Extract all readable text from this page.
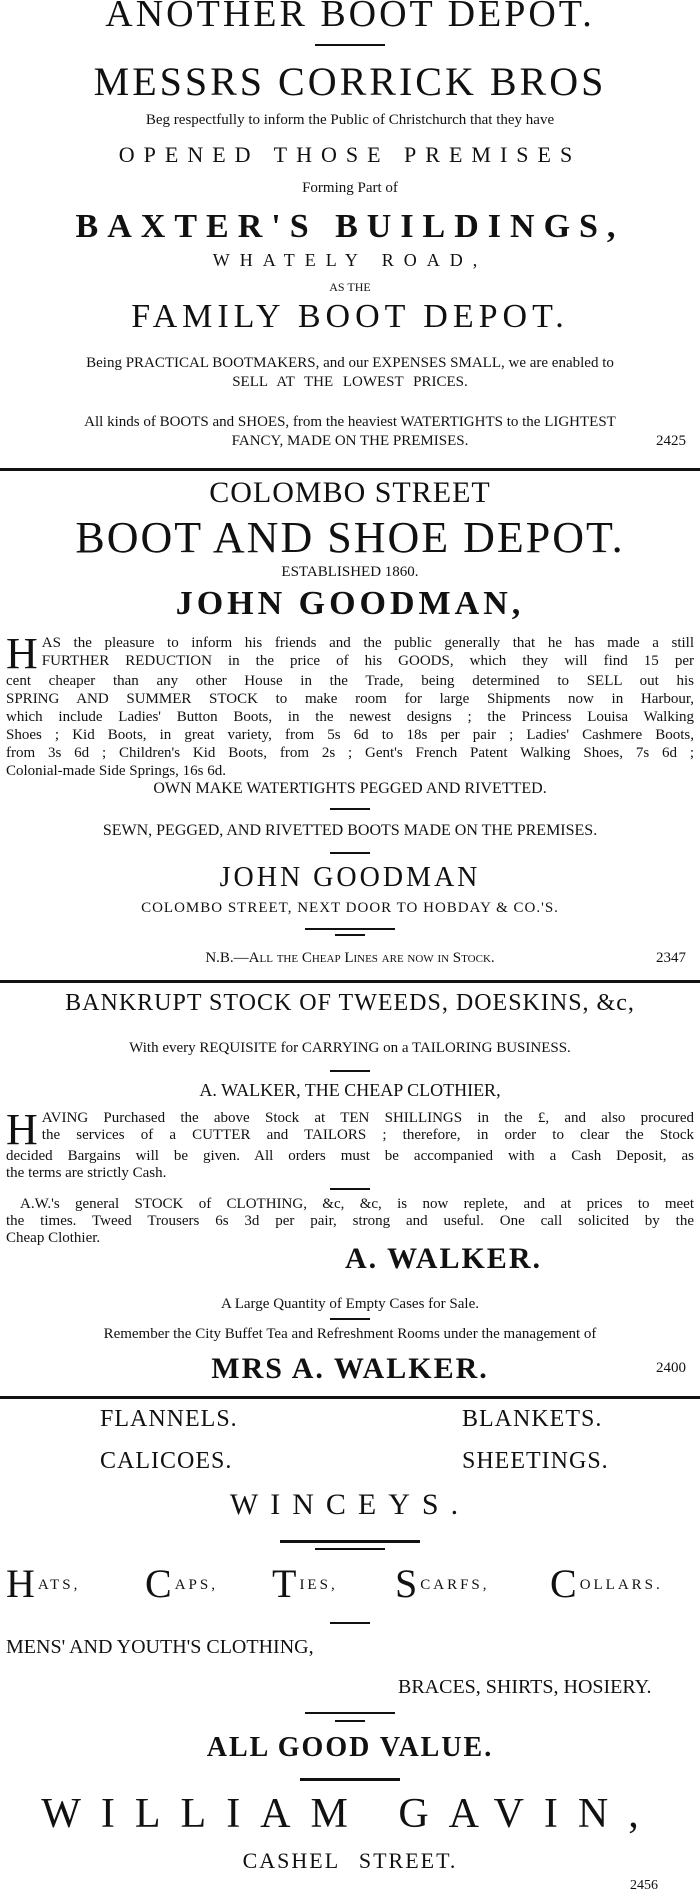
ANOTHER BOOT DEPOT.
MESSRS CORRICK BROS
Beg respectfully to inform the Public of Christchurch that they have
OPENED THOSE PREMISES
Forming Part of
BAXTER'S BUILDINGS,
WHATELY ROAD,
AS THE
FAMILY BOOT DEPOT.
Being PRACTICAL BOOTMAKERS, and our EXPENSES SMALL, we are enabled to
SELL AT THE LOWEST PRICES.
All kinds of BOOTS and SHOES, from the heaviest WATERTIGHTS to the LIGHTEST
FANCY, MADE ON THE PREMISES.	2425
COLOMBO STREET
BOOT AND SHOE DEPOT.
ESTABLISHED 1860.
JOHN GOODMAN,
H AS the pleasure to inform his friends and the public generally that he has made a still
FURTHER REDUCTION in the price of his GOODS, which they will find 15 per
cent cheaper than any other House in the Trade, being determined to SELL out his
SPRING AND SUMMER STOCK to make room for large Shipments now in Harbour,
which include Ladies' Button Boots, in the newest designs ; the Princess Louisa Walking
Shoes ; Kid Boots, in great variety, from 5s 6d to 18s per pair ; Ladies' Cashmere Boots,
from 3s 6d ; Children's Kid Boots, from 2s ; Gent's French Patent Walking Shoes, 7s 6d ;
Colonial-made Side Springs, 16s 6d.
OWN MAKE WATERTIGHTS PEGGED AND RIVETTED.
SEWN, PEGGED, AND RIVETTED BOOTS MADE ON THE PREMISES.
JOHN GOODMAN
COLOMBO STREET, NEXT DOOR TO HOBDAY & CO.'S.
N.B.—All the Cheap Lines are now in Stock.	2347
BANKRUPT STOCK OF TWEEDS, DOESKINS, &c,
With every REQUISITE for CARRYING on a TAILORING BUSINESS.
A. WALKER, THE CHEAP CLOTHIER,
H AVING Purchased the above Stock at TEN SHILLINGS in the £, and also procured
the services of a CUTTER and TAILORS ; therefore, in order to clear the Stock
decided Bargains will be given. All orders must be accompanied with a Cash Deposit, as
the terms are strictly Cash.
A.W.'s general STOCK of CLOTHING, &c, &c, is now replete, and at prices to meet
the times. Tweed Trousers 6s 3d per pair, strong and useful. One call solicited by the
Cheap Clothier.
A. WALKER.
A Large Quantity of Empty Cases for Sale.
Remember the City Buffet Tea and Refreshment Rooms under the management of
MRS A. WALKER.	2400
FLANNELS.	BLANKETS.
CALICOES.	SHEETINGS.
WINCEYS.
HATS, CAPS, TIES, SCARFS, COLLARS.
MENS' AND YOUTH'S CLOTHING,
BRACES, SHIRTS, HOSIERY.
ALL GOOD VALUE.
WILLIAM GAVIN,
CASHEL STREET.
2456
